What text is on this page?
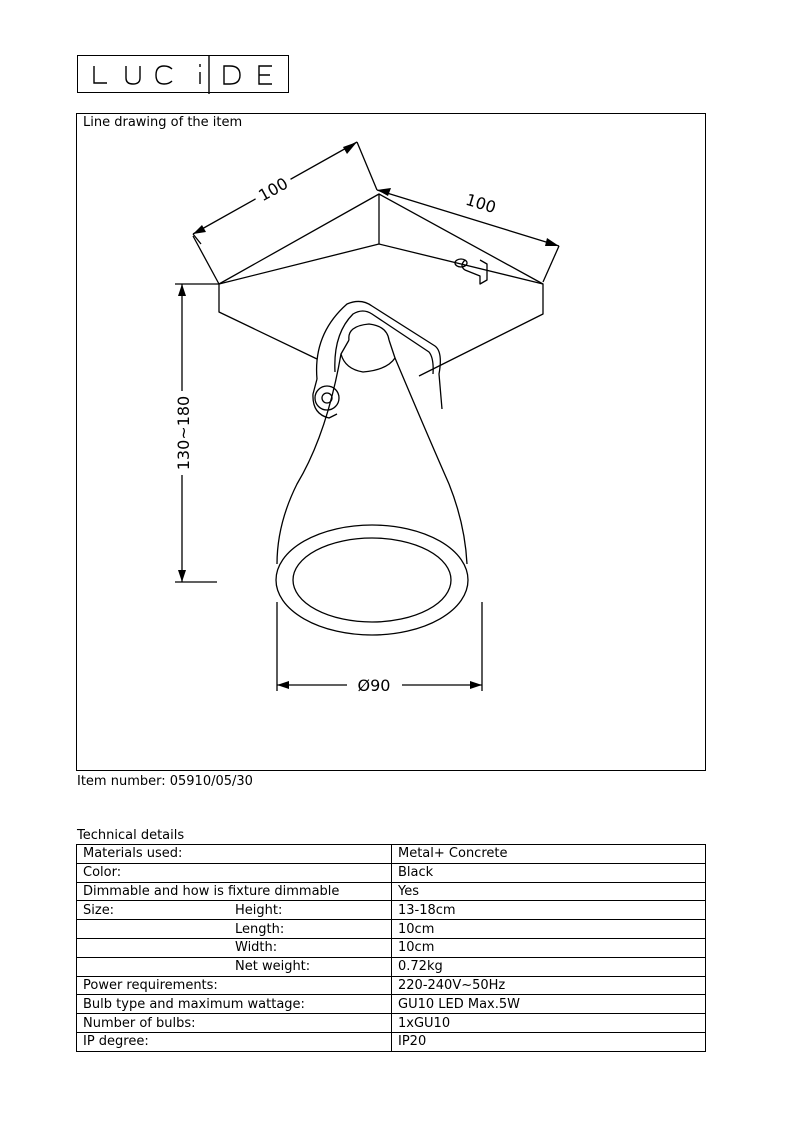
Line drawing of the item
100	100
130~180
Ø90
Item number: 05910/05/30
Technical details
Materials used:		Metal+ Concrete
Color:		Black
Dimmable and how is fixture dimmable		Yes
Size:	Height:	13-18cm
	Length:	10cm
	Width:	10cm
	Net weight:	0.72kg
Power requirements:		220-240V~50Hz
Bulb type and maximum wattage:		GU10 LED Max.5W
Number of bulbs:		1xGU10
IP degree:		IP20
